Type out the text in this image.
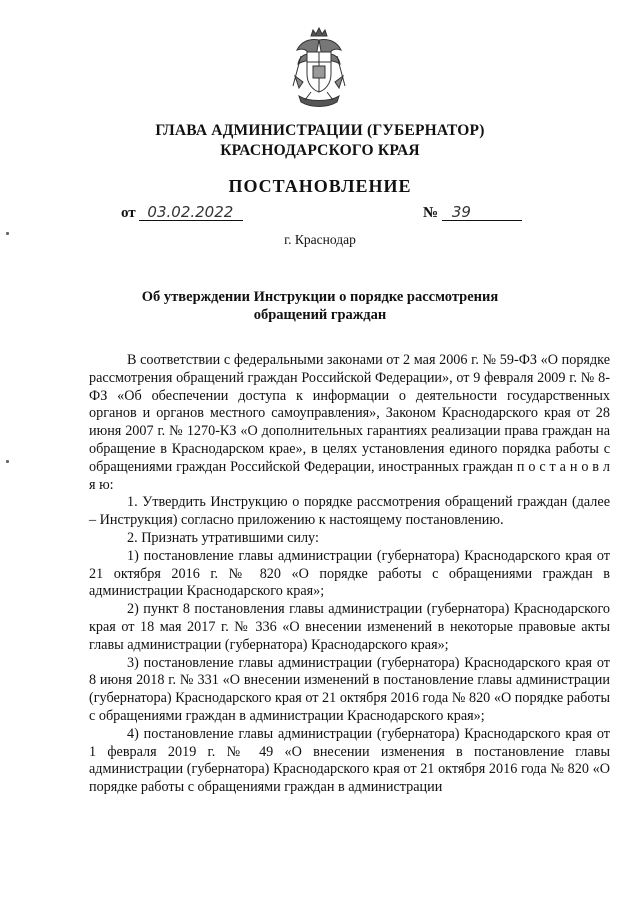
ГЛАВА АДМИНИСТРАЦИИ (ГУБЕРНАТОР)
КРАСНОДАРСКОГО КРАЯ
ПОСТАНОВЛЕНИЕ
от 03.02.2022	№ 39
г. Краснодар
Об утверждении Инструкции о порядке рассмотрения
обращений граждан

В соответствии с федеральными законами от 2 мая 2006 г. № 59-ФЗ «О порядке рассмотрения обращений граждан Российской Федерации», от 9 февраля 2009 г. № 8-ФЗ «Об обеспечении доступа к информации о деятельности государственных органов и органов местного самоуправления», Законом Краснодарского края от 28 июня 2007 г. № 1270-КЗ «О дополнительных гарантиях реализации права граждан на обращение в Краснодарском крае», в целях установления единого порядка работы с обращениями граждан Российской Федерации, иностранных граждан п о с т а н о в л я ю:

1. Утвердить Инструкцию о порядке рассмотрения обращений граждан (далее – Инструкция) согласно приложению к настоящему постановлению.

2. Признать утратившими силу:

1) постановление главы администрации (губернатора) Краснодарского края от 21 октября 2016 г. № 820 «О порядке работы с обращениями граждан в администрации Краснодарского края»;

2) пункт 8 постановления главы администрации (губернатора) Краснодарского края от 18 мая 2017 г. № 336 «О внесении изменений в некоторые правовые акты главы администрации (губернатора) Краснодарского края»;

3) постановление главы администрации (губернатора) Краснодарского края от 8 июня 2018 г. № 331 «О внесении изменений в постановление главы администрации (губернатора) Краснодарского края от 21 октября 2016 года № 820 «О порядке работы с обращениями граждан в администрации Краснодарского края»;

4) постановление главы администрации (губернатора) Краснодарского края от 1 февраля 2019 г. № 49 «О внесении изменения в постановление главы администрации (губернатора) Краснодарского края от 21 октября 2016 года № 820 «О порядке работы с обращениями граждан в администрации
